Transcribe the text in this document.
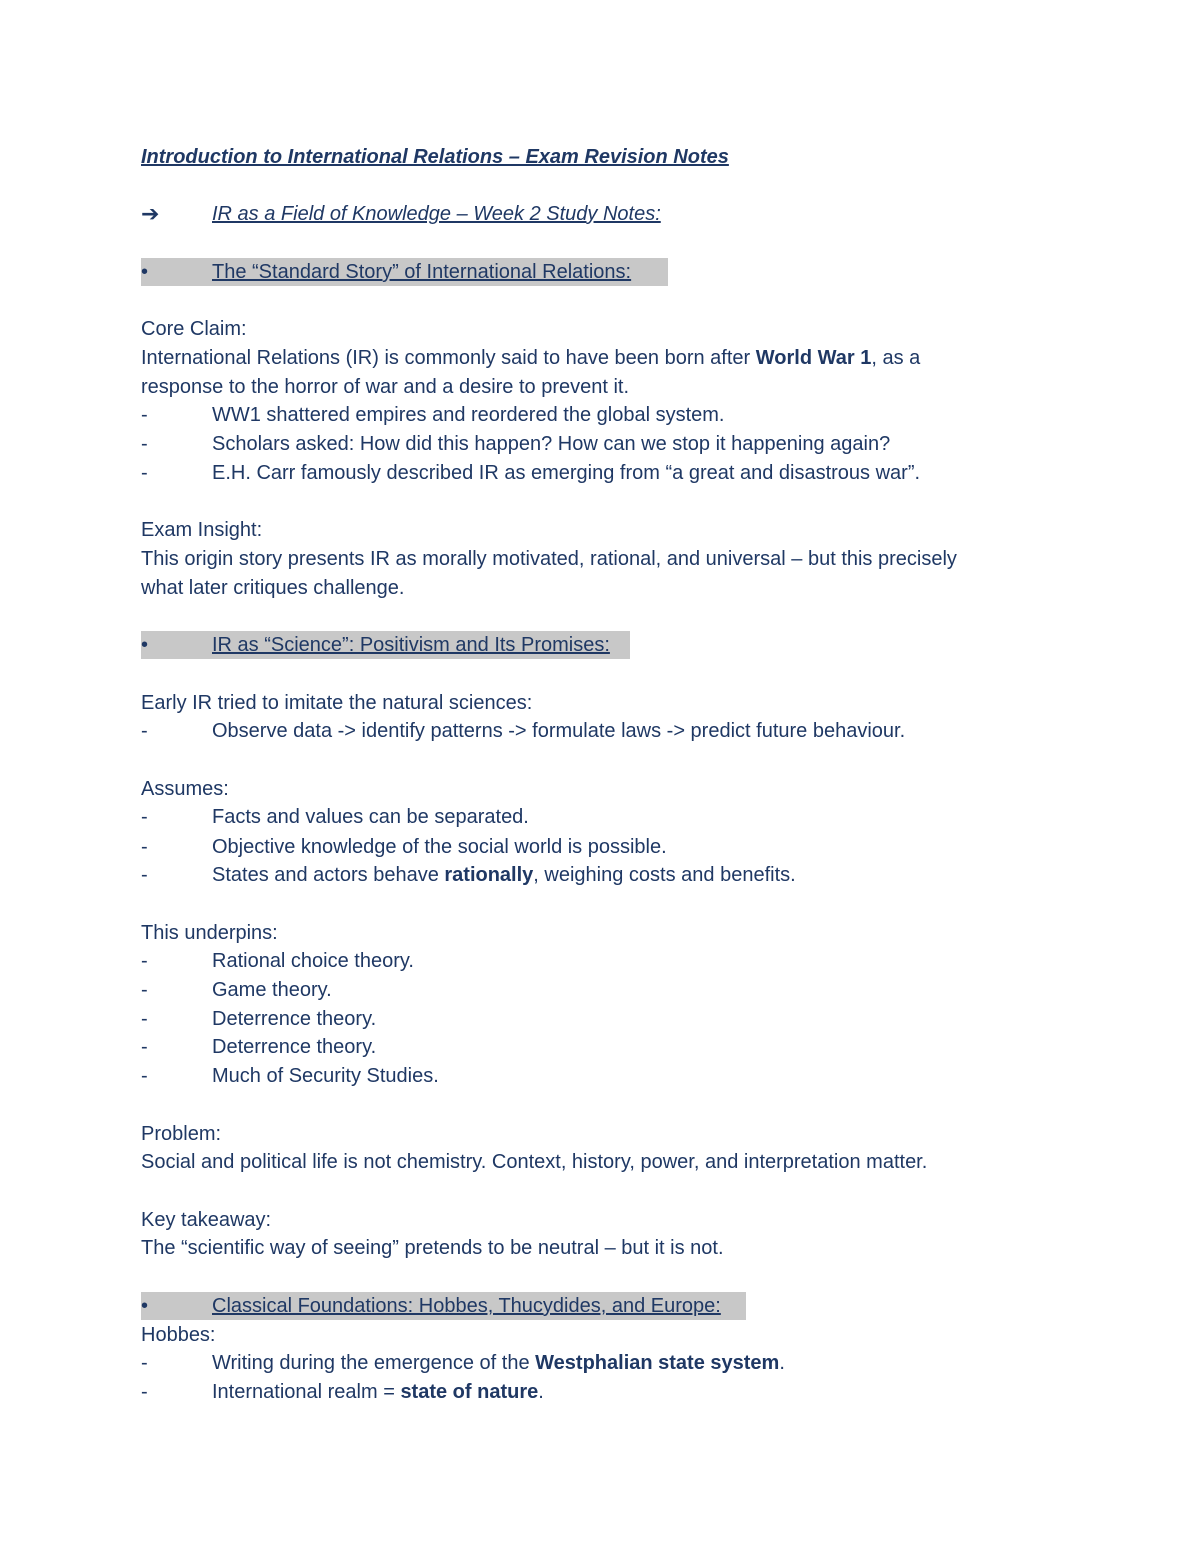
Introduction to International Relations – Exam Revision Notes
➔	IR as a Field of Knowledge – Week 2 Study Notes:
•	The “Standard Story” of International Relations:
Core Claim:
International Relations (IR) is commonly said to have been born after World War 1, as a
response to the horror of war and a desire to prevent it.
-	WW1 shattered empires and reordered the global system.
-	Scholars asked: How did this happen? How can we stop it happening again?
-	E.H. Carr famously described IR as emerging from “a great and disastrous war”.
Exam Insight:
This origin story presents IR as morally motivated, rational, and universal – but this precisely
what later critiques challenge.
•	IR as “Science”: Positivism and Its Promises:
Early IR tried to imitate the natural sciences:
-	Observe data -> identify patterns -> formulate laws -> predict future behaviour.
Assumes:
-	Facts and values can be separated.
-	Objective knowledge of the social world is possible.
-	States and actors behave rationally, weighing costs and benefits.
This underpins:
-	Rational choice theory.
-	Game theory.
-	Deterrence theory.
-	Deterrence theory.
-	Much of Security Studies.
Problem:
Social and political life is not chemistry. Context, history, power, and interpretation matter.
Key takeaway:
The “scientific way of seeing” pretends to be neutral – but it is not.
•	Classical Foundations: Hobbes, Thucydides, and Europe:
Hobbes:
-	Writing during the emergence of the Westphalian state system.
-	International realm = state of nature.
